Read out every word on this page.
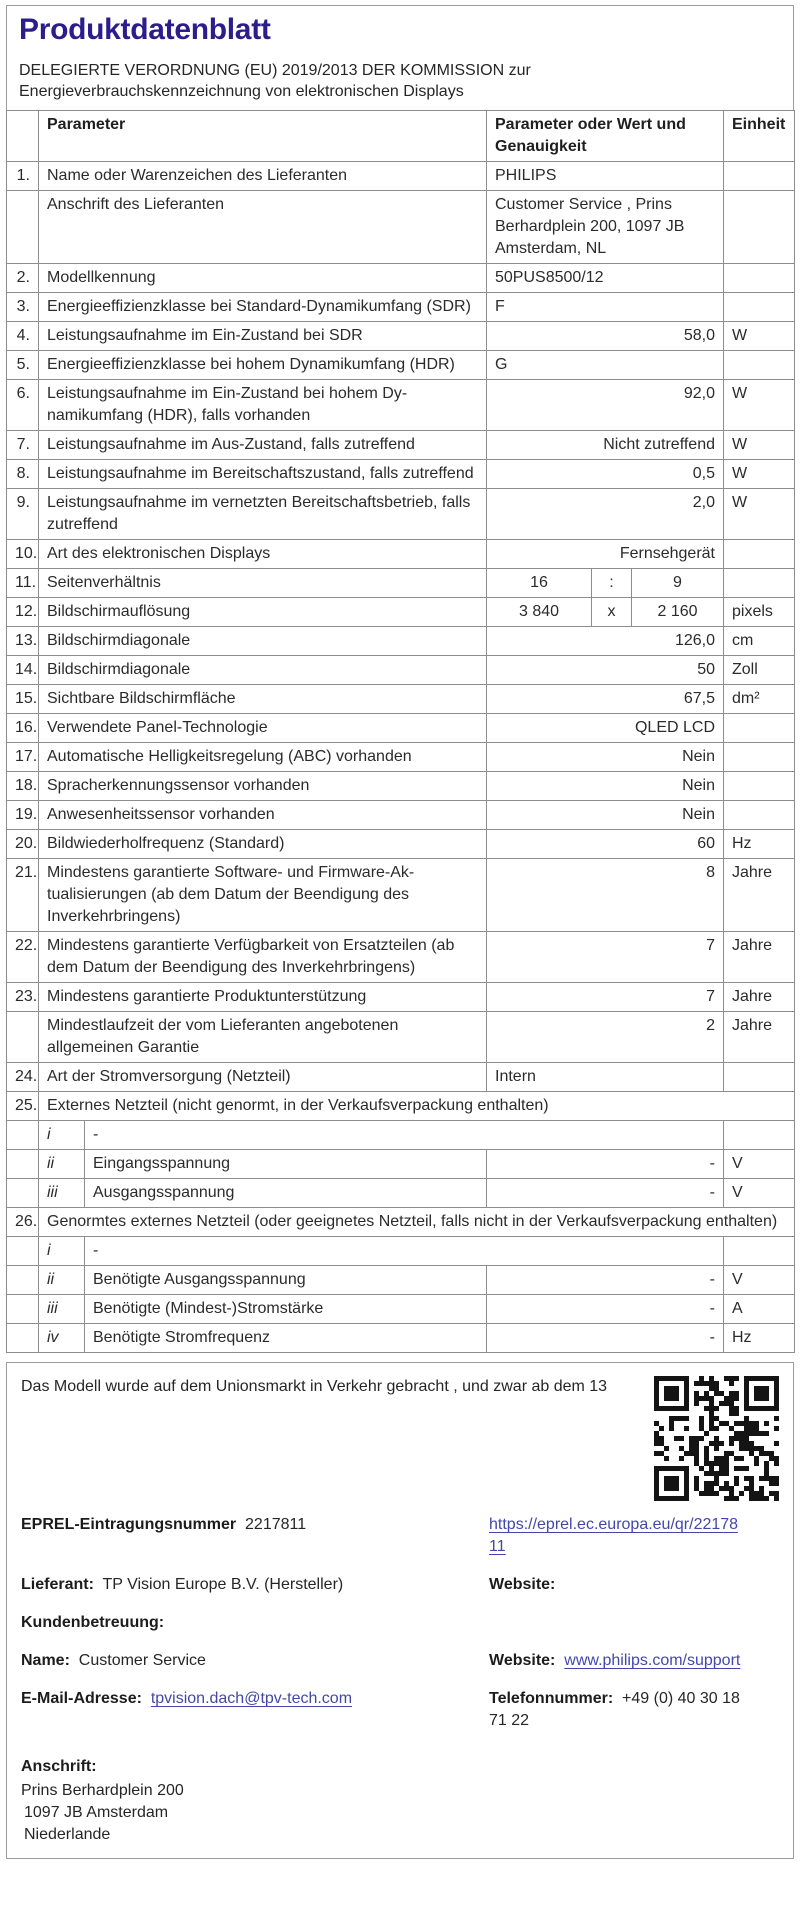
Produktdatenblatt
DELEGIERTE VERORDNUNG (EU) 2019/2013 DER KOMMISSION zur
Energieverbrauchskennzeichnung von elektronischen Displays
	Parameter		Parameter oder Wert und Genauigkeit			Einheit
1.	Name oder Warenzeichen des Lieferanten		PHILIPS			
	Anschrift des Lieferanten		Customer Service , Prins Berhardplein 200, 1097 JB Amsterdam, NL			
2.	Modellkennung		50PUS8500/12			
3.	Energieeffizienzklasse bei Standard-Dynamikumfang (SDR)		F			
4.	Leistungsaufnahme im Ein-Zustand bei SDR		58,0			W
5.	Energieeffizienzklasse bei hohem Dynamikumfang (HDR)		G			
6.	Leistungsaufnahme im Ein-Zustand bei hohem Dynamikumfang (HDR), falls vorhanden		92,0			W
7.	Leistungsaufnahme im Aus-Zustand, falls zutreffend		Nicht zutreffend			W
8.	Leistungsaufnahme im Bereitschaftszustand, falls zutreffend		0,5			W
9.	Leistungsaufnahme im vernetzten Bereitschaftsbetrieb, falls zutreffend		2,0			W
10.	Art des elektronischen Displays		Fernsehgerät			
11.	Seitenverhältnis		16	:	9	
12.	Bildschirmauflösung		3 840	x	2 160	pixels
13.	Bildschirmdiagonale		126,0			cm
14.	Bildschirmdiagonale		50			Zoll
15.	Sichtbare Bildschirmfläche		67,5			dm²
16.	Verwendete Panel-Technologie		QLED LCD			
17.	Automatische Helligkeitsregelung (ABC) vorhanden		Nein			
18.	Spracherkennungssensor vorhanden		Nein			
19.	Anwesenheitssensor vorhanden		Nein			
20.	Bildwiederholfrequenz (Standard)		60			Hz
21.	Mindestens garantierte Software- und Firmware-Aktualisierungen (ab dem Datum der Beendigung des Inverkehrbringens)		8			Jahre
22.	Mindestens garantierte Verfügbarkeit von Ersatzteilen (ab dem Datum der Beendigung des Inverkehrbringens)		7			Jahre
23.	Mindestens garantierte Produktunterstützung		7			Jahre
	Mindestlaufzeit der vom Lieferanten angebotenen allgemeinen Garantie		2			Jahre
24.	Art der Stromversorgung (Netzteil)		Intern			
25.	Externes Netzteil (nicht genormt, in der Verkaufsverpackung enthalten)					
	i	-				
	ii	Eingangsspannung	-			V
	iii	Ausgangsspannung	-			V
26.	Genormtes externes Netzteil (oder geeignetes Netzteil, falls nicht in der Verkaufsverpackung enthalten)					
	i	-				
	ii	Benötigte Ausgangsspannung	-			V
	iii	Benötigte (Mindest-)Stromstärke	-			A
	iv	Benötigte Stromfrequenz	-			Hz
Das Modell wurde auf dem Unionsmarkt in Verkehr gebracht , und zwar ab dem 13
EPREL-Eintragungsnummer 2217811	https://eprel.ec.europa.eu/qr/2217811
Lieferant: TP Vision Europe B.V. (Hersteller)	Website:
Kundenbetreuung:
Name: Customer Service	Website: www.philips.com/support
E-Mail-Adresse: tpvision.dach@tpv-tech.com	Telefonnummer: +49 (0) 40 30 18 71 22
Anschrift:
Prins Berhardplein 200
1097 JB Amsterdam
Niederlande
